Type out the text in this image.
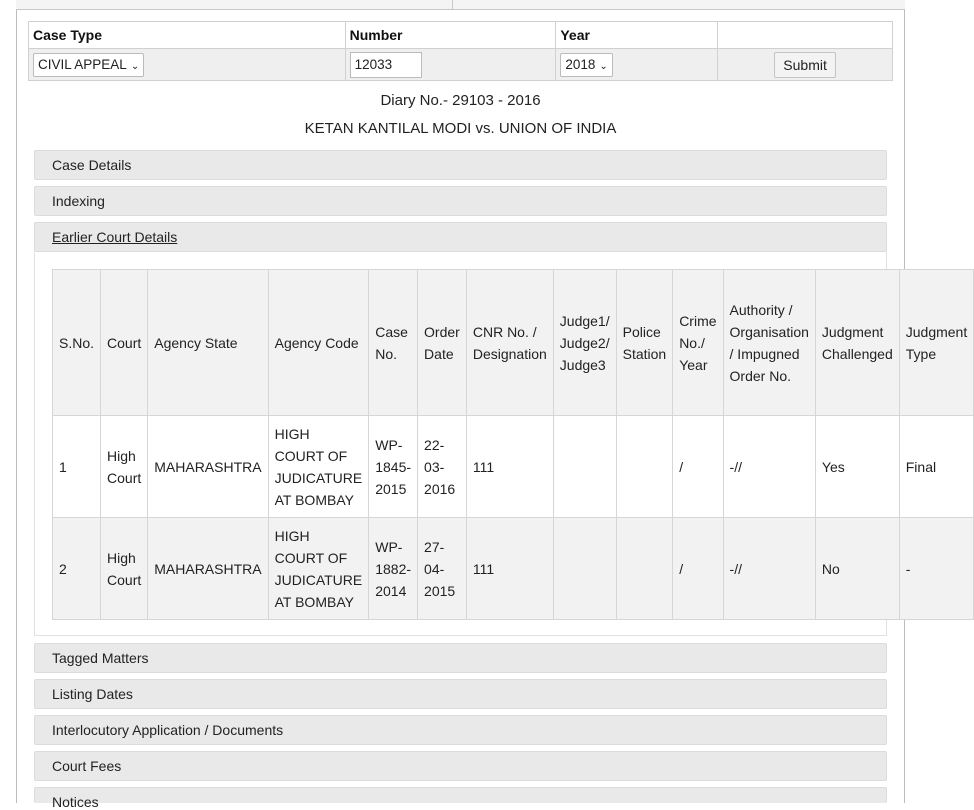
Case Type	Number	Year	
CIVIL APPEAL ⌄	12033	2018 ⌄	Submit
Diary No.- 29103 - 2016
KETAN KANTILAL MODI vs. UNION OF INDIA
Case Details
Indexing
Earlier Court Details
S.No.	Court	Agency State	Agency Code	Case No.	Order Date	CNR No. / Designation	Judge1/ Judge2/ Judge3	Police Station	Crime No./ Year	Authority / Organisation / Impugned Order No.	Judgment Challenged	Judgment Type
1	High Court	MAHARASHTRA	HIGH COURT OF JUDICATURE AT BOMBAY	WP-1845-2015	22-03-2016	111			/	-//	Yes	Final
2	High Court	MAHARASHTRA	HIGH COURT OF JUDICATURE AT BOMBAY	WP-1882-2014	27-04-2015	111			/	-//	No	-
Tagged Matters
Listing Dates
Interlocutory Application / Documents
Court Fees
Notices
